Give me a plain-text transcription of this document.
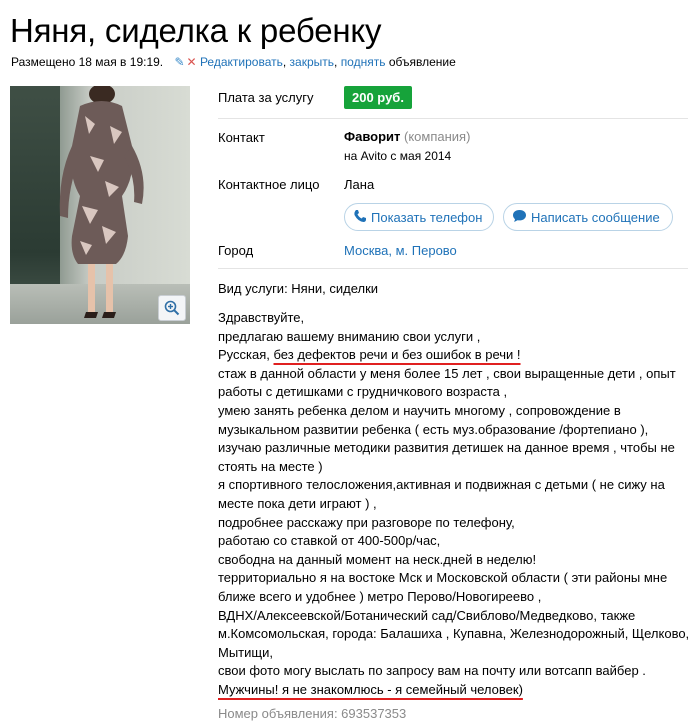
Няня, сиделка к ребенку
Размещено 18 мая в 19:19. ✎ ✕ Редактировать, закрыть, поднять объявление
Плата за услугу	200 руб.
Контакт	Фаворит (компания)
на Avito с мая 2014
Контактное лицо Лана
Показать телефон	Написать сообщение
Город	Москва, м. Перово
Вид услуги: Няни, сиделки
Здравствуйте,
предлагаю вашему вниманию свои услуги ,
Русская, без дефектов речи и без ошибок в речи !
стаж в данной области у меня более 15 лет , свои выращенные дети , опыт
работы с детишками с грудничкового возраста ,
умею занять ребенка делом и научить многому , сопровождение в
музыкальном развитии ребенка ( есть муз.образование /фортепиано ),
изучаю различные методики развития детишек на данное время , чтобы не
стоять на месте )
я спортивного телосложения,активная и подвижная с детьми ( не сижу на
месте пока дети играют ) ,
подробнее расскажу при разговоре по телефону,
работаю со ставкой от 400-500р/час,
свободна на данный момент на неск.дней в неделю!
территориально я на востоке Мск и Московской области ( эти районы мне
ближе всего и удобнее ) метро Перово/Новогиреево ,
ВДНХ/Алексеевской/Ботанический сад/Свиблово/Медведково, также
м.Комсомольская, города: Балашиха , Купавна, Железнодорожный, Щелково,
Мытищи,
свои фото могу выслать по запросу вам на почту или вотсапп вайбер .
Мужчины! я не знакомлюсь - я семейный человек)
Номер объявления: 693537353
